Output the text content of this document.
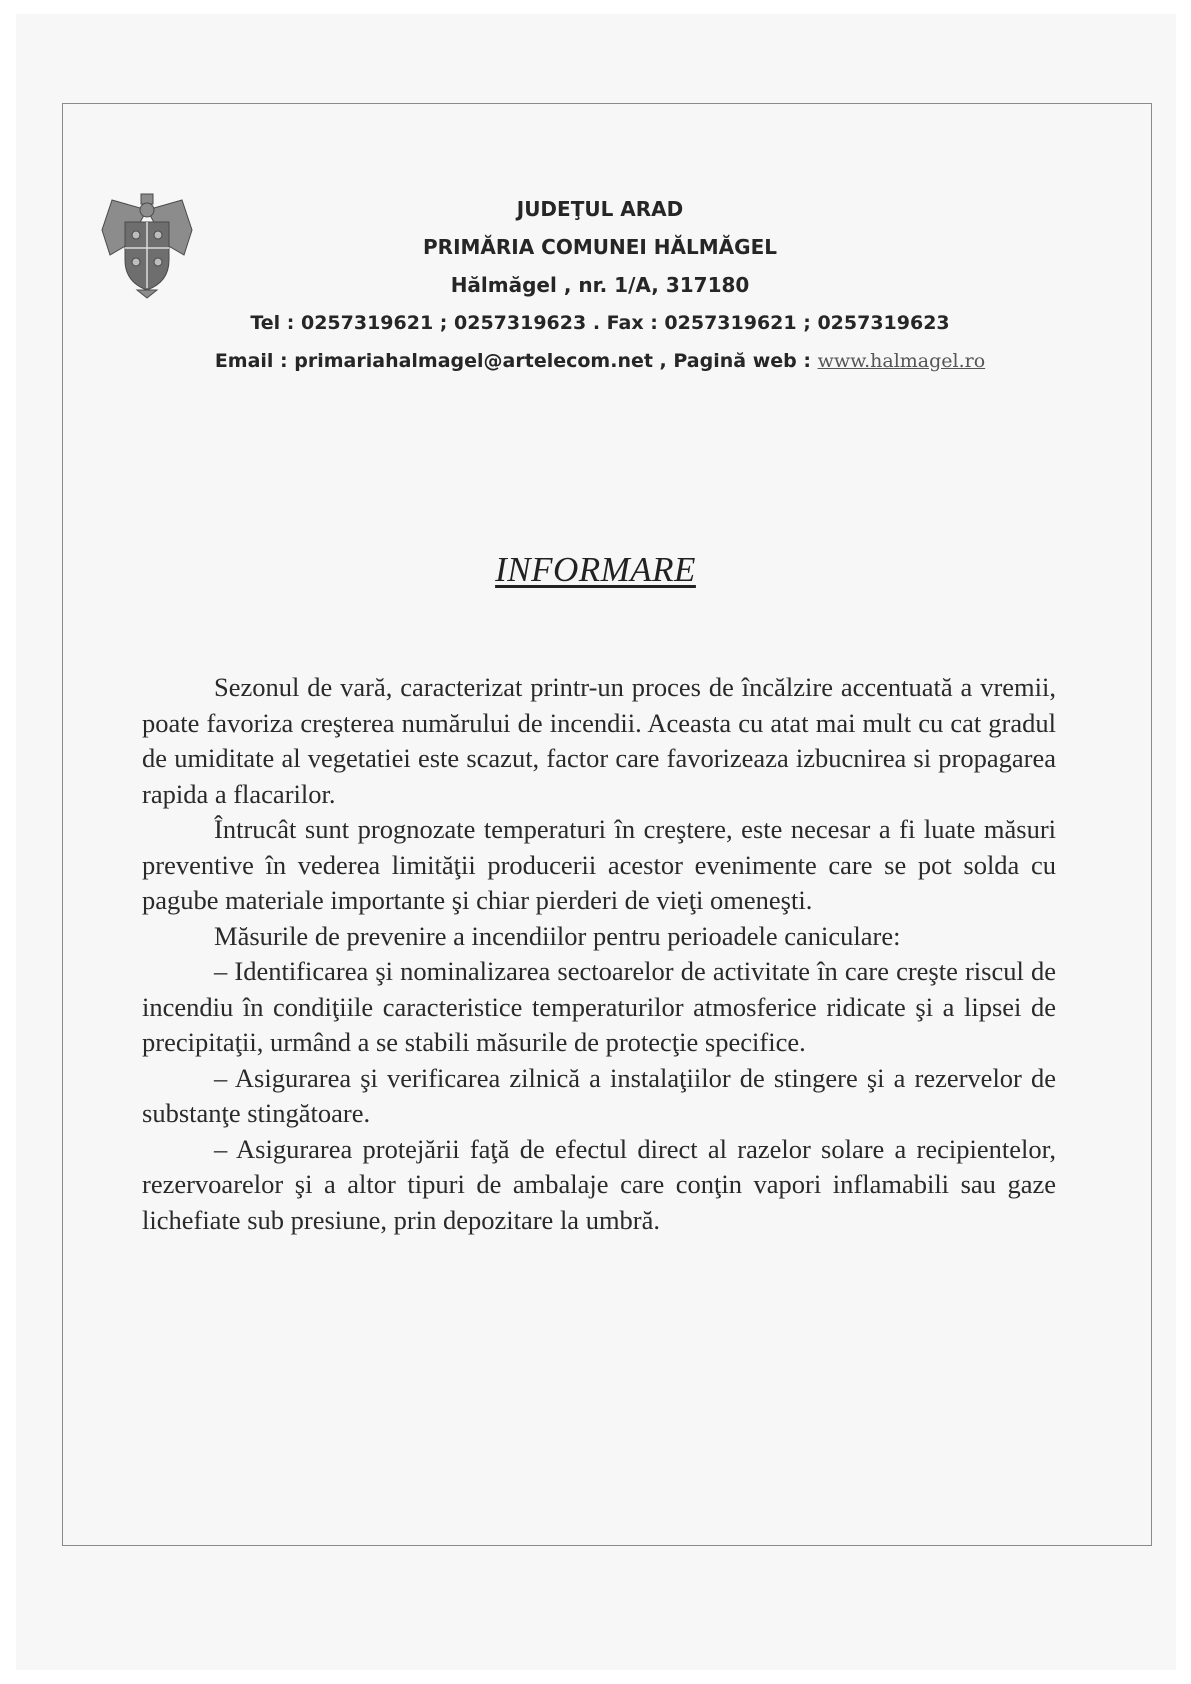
JUDEŢUL ARAD
PRIMĂRIA COMUNEI HĂLMĂGEL
Hălmăgel , nr. 1/A, 317180
Tel : 0257319621 ; 0257319623 . Fax : 0257319621 ; 0257319623
Email : primariahalmagel@artelecom.net , Pagină web : www.halmagel.ro
INFORMARE

Sezonul de vară, caracterizat printr-un proces de încălzire accentuată a vremii, poate favoriza creşterea numărului de incendii. Aceasta cu atat mai mult cu cat gradul de umiditate al vegetatiei este scazut, factor care favorizeaza izbucnirea si propagarea rapida a flacarilor.

Întrucât sunt prognozate temperaturi în creştere, este necesar a fi luate măsuri preventive în vederea limităţii producerii acestor evenimente care se pot solda cu pagube materiale importante şi chiar pierderi de vieţi omeneşti.

Măsurile de prevenire a incendiilor pentru perioadele caniculare:

– Identificarea şi nominalizarea sectoarelor de activitate în care creşte riscul de incendiu în condiţiile caracteristice temperaturilor atmosferice ridicate şi a lipsei de precipitaţii, urmând a se stabili măsurile de protecţie specifice.

– Asigurarea şi verificarea zilnică a instalaţiilor de stingere şi a rezervelor de substanţe stingătoare.

– Asigurarea protejării faţă de efectul direct al razelor solare a recipientelor, rezervoarelor şi a altor tipuri de ambalaje care conţin vapori inflamabili sau gaze lichefiate sub presiune, prin depozitare la umbră.
